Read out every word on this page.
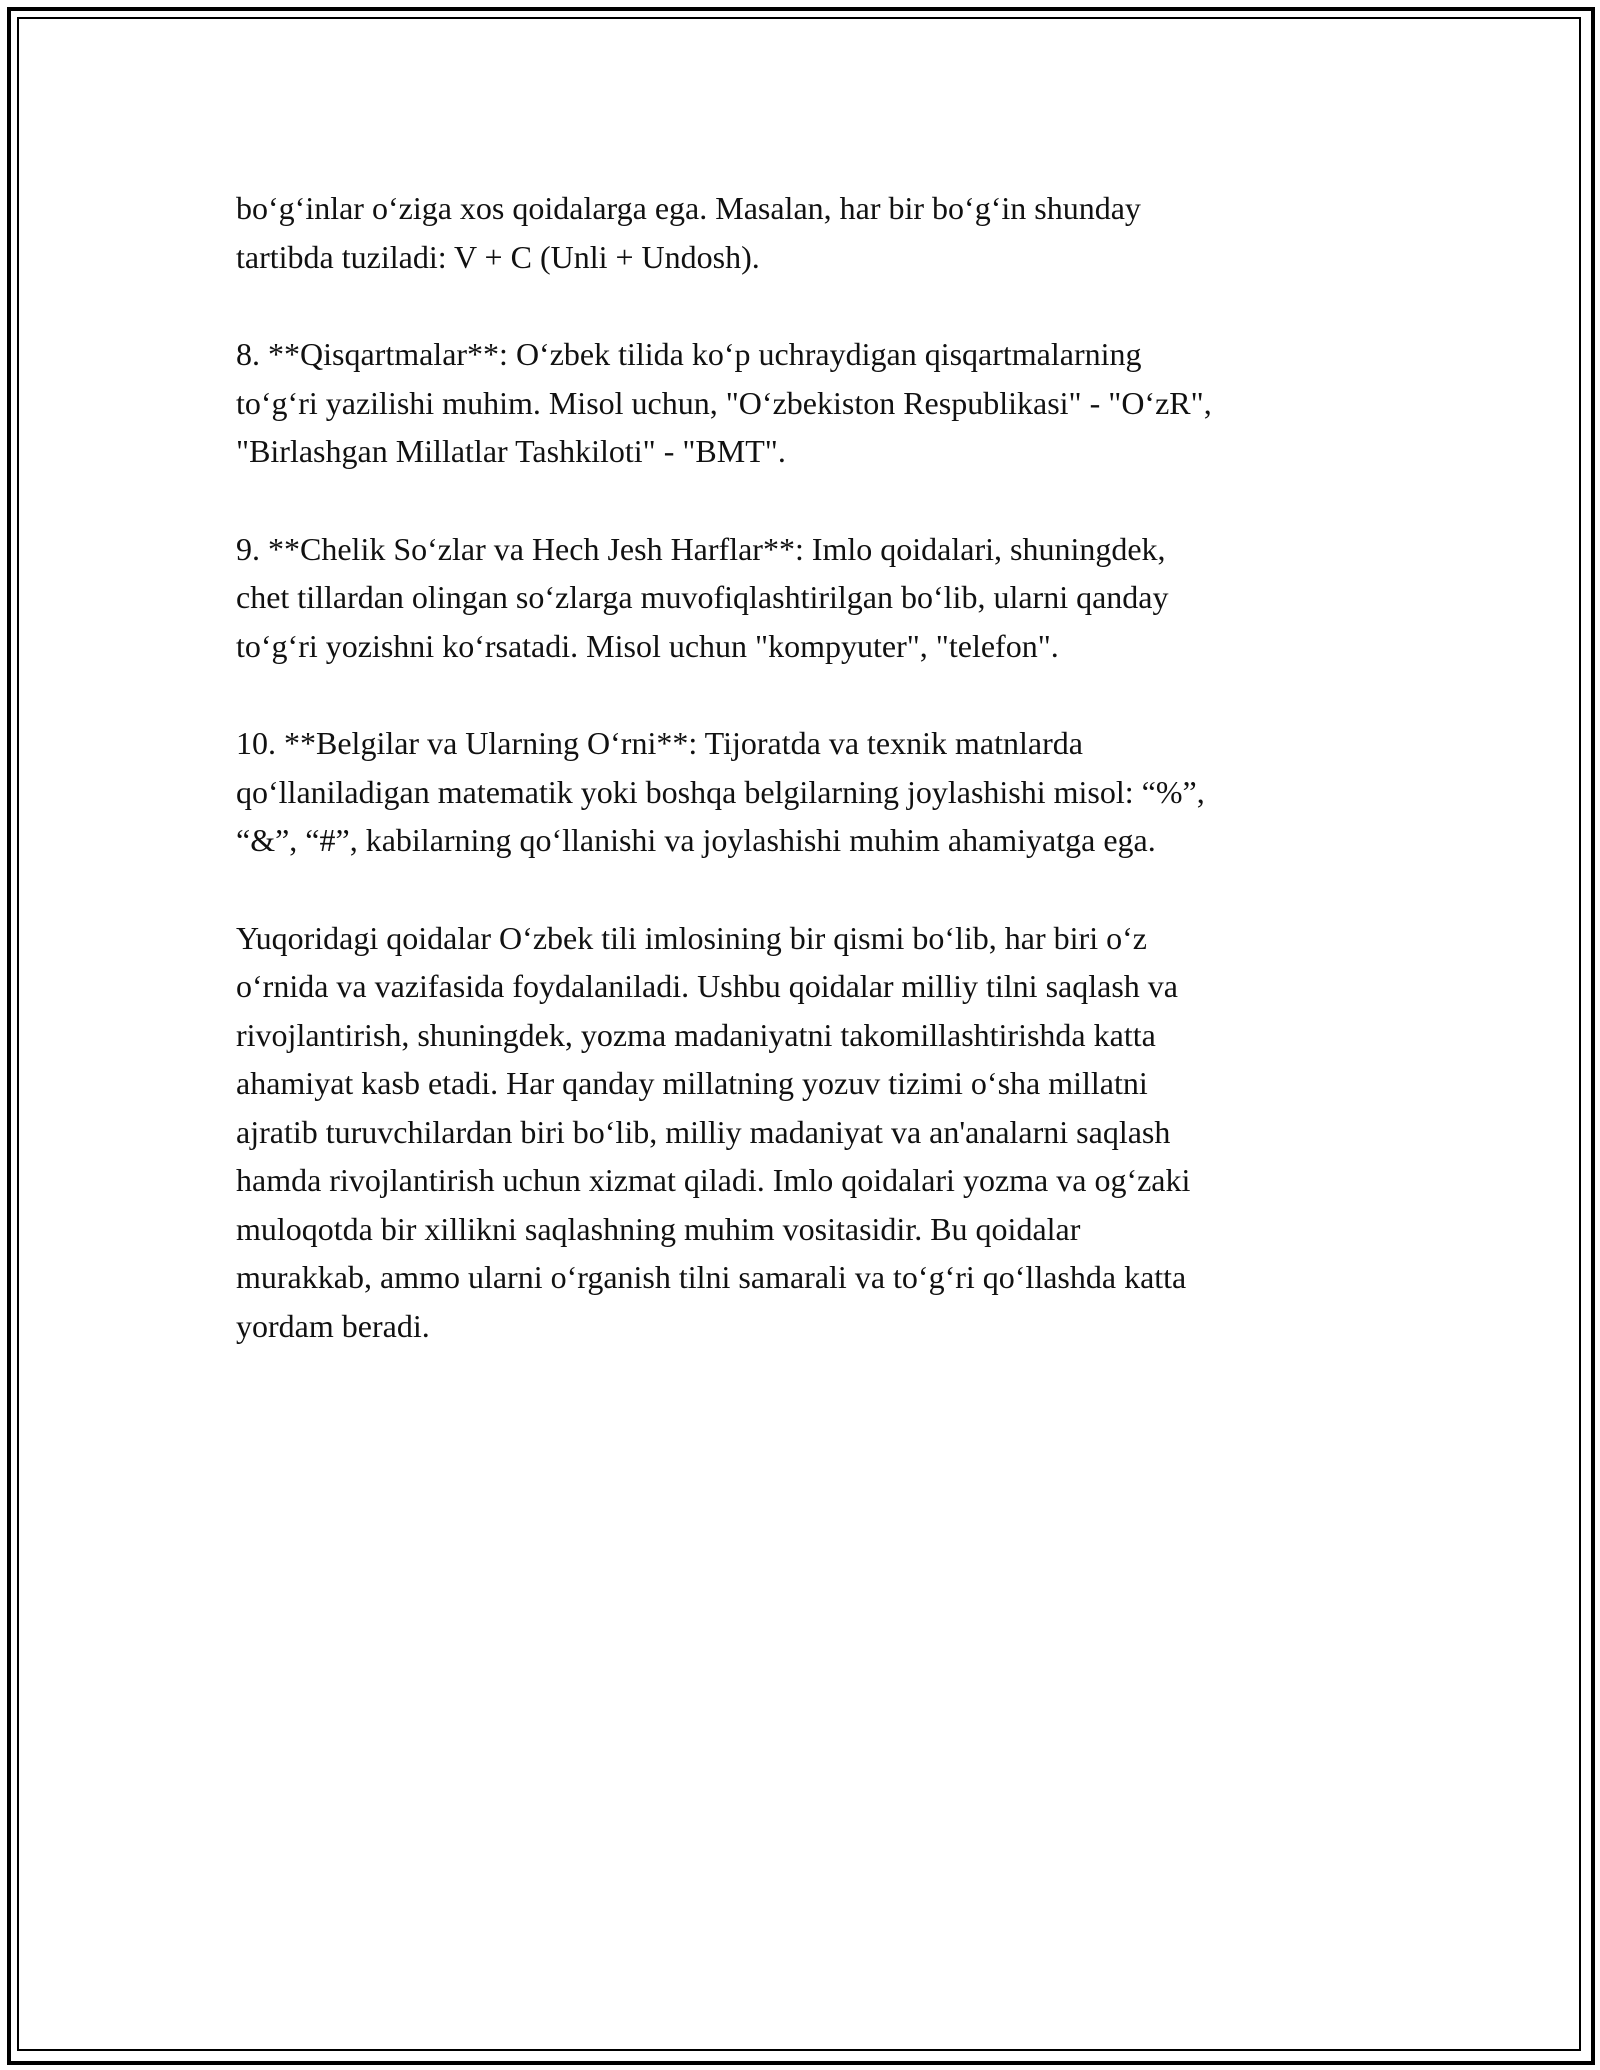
bo‘g‘inlar o‘ziga xos qoidalarga ega. Masalan, har bir bo‘g‘in shunday
tartibda tuziladi: V + C (Unli + Undosh).

8. **Qisqartmalar**: O‘zbek tilida ko‘p uchraydigan qisqartmalarning
to‘g‘ri yazilishi muhim. Misol uchun, "O‘zbekiston Respublikasi" - "O‘zR",
"Birlashgan Millatlar Tashkiloti" - "BMT".

9. **Chelik So‘zlar va Hech Jesh Harflar**: Imlo qoidalari, shuningdek,
chet tillardan olingan so‘zlarga muvofiqlashtirilgan bo‘lib, ularni qanday
to‘g‘ri yozishni ko‘rsatadi. Misol uchun "kompyuter", "telefon".

10. **Belgilar va Ularning O‘rni**: Tijoratda va texnik matnlarda
qo‘llaniladigan matematik yoki boshqa belgilarning joylashishi misol: “%”,
“&”, “#”, kabilarning qo‘llanishi va joylashishi muhim ahamiyatga ega.

Yuqoridagi qoidalar O‘zbek tili imlosining bir qismi bo‘lib, har biri o‘z
o‘rnida va vazifasida foydalaniladi. Ushbu qoidalar milliy tilni saqlash va
rivojlantirish, shuningdek, yozma madaniyatni takomillashtirishda katta
ahamiyat kasb etadi. Har qanday millatning yozuv tizimi o‘sha millatni
ajratib turuvchilardan biri bo‘lib, milliy madaniyat va an'analarni saqlash
hamda rivojlantirish uchun xizmat qiladi. Imlo qoidalari yozma va og‘zaki
muloqotda bir xillikni saqlashning muhim vositasidir. Bu qoidalar
murakkab, ammo ularni o‘rganish tilni samarali va to‘g‘ri qo‘llashda katta
yordam beradi.
